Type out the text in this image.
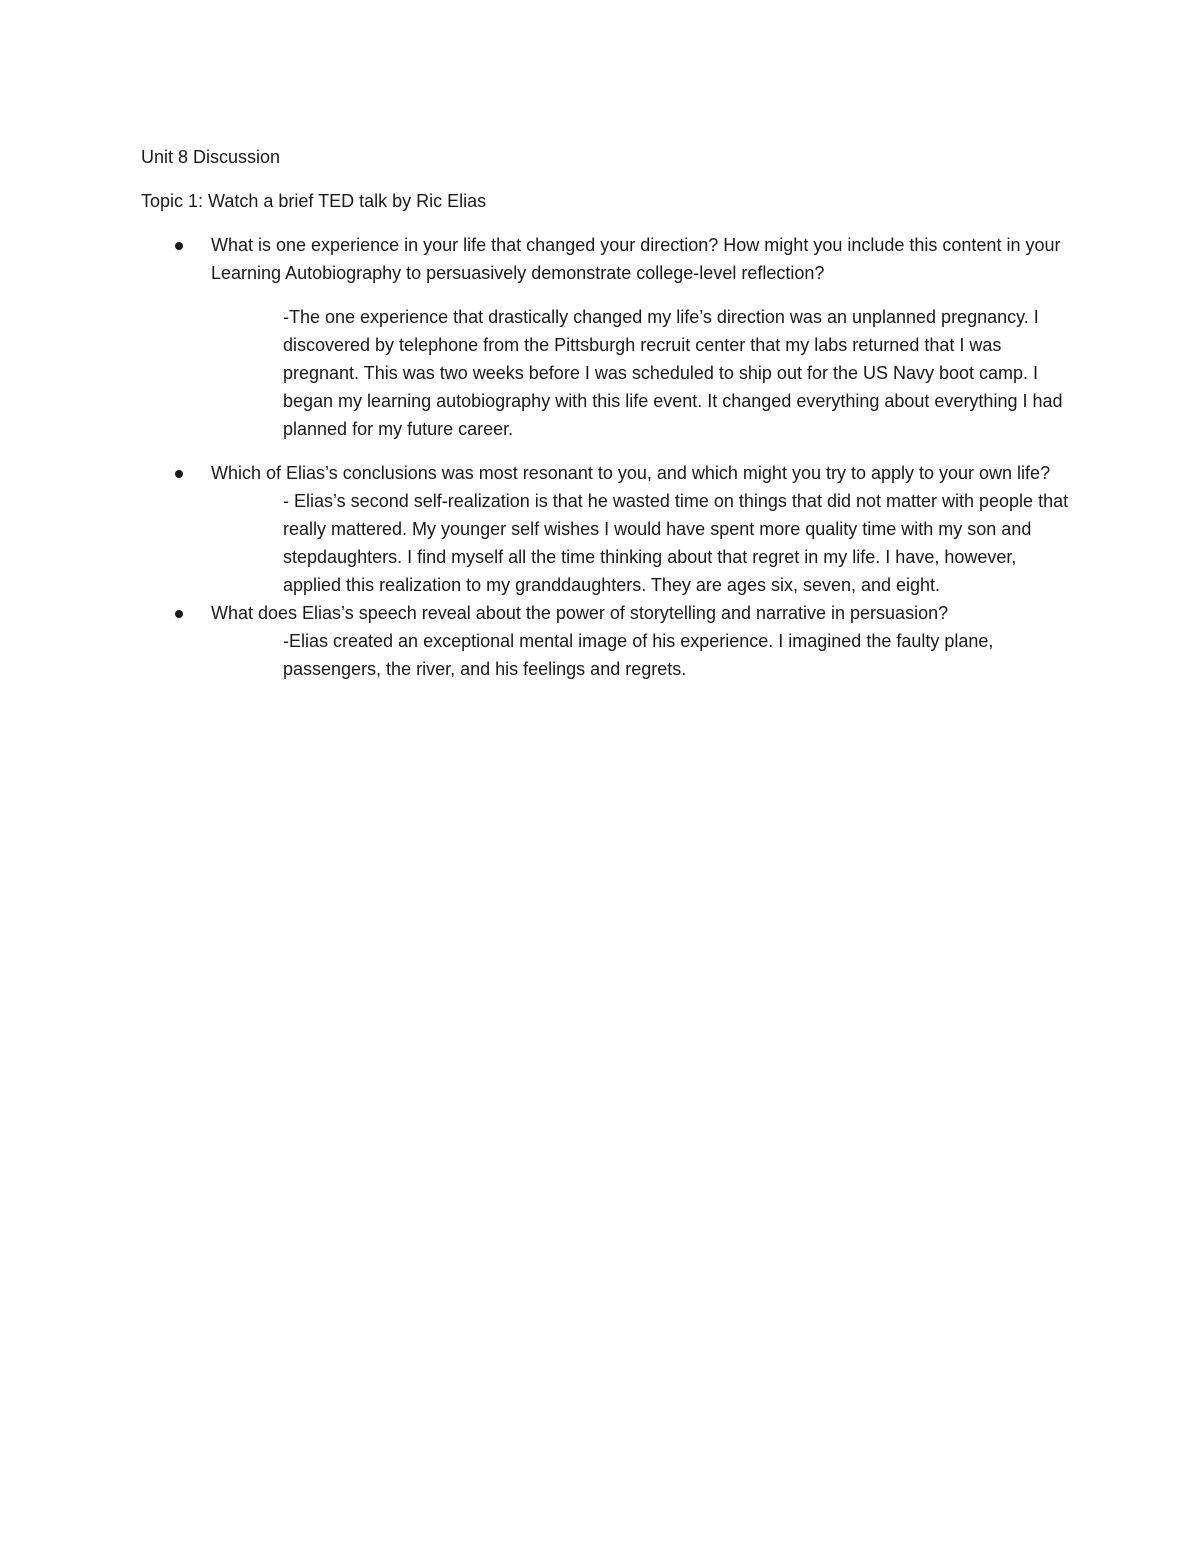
Unit 8 Discussion

Topic 1: Watch a brief TED talk by Ric Elias

What is one experience in your life that changed your direction? How might you include this content in your Learning Autobiography to persuasively demonstrate college-level reflection?

-The one experience that drastically changed my life’s direction was an unplanned pregnancy. I discovered by telephone from the Pittsburgh recruit center that my labs returned that I was pregnant. This was two weeks before I was scheduled to ship out for the US Navy boot camp. I began my learning autobiography with this life event. It changed everything about everything I had planned for my future career.

Which of Elias’s conclusions was most resonant to you, and which might you try to apply to your own life?

- Elias’s second self-realization is that he wasted time on things that did not matter with people that really mattered. My younger self wishes I would have spent more quality time with my son and stepdaughters. I find myself all the time thinking about that regret in my life. I have, however, applied this realization to my granddaughters. They are ages six, seven, and eight.

What does Elias’s speech reveal about the power of storytelling and narrative in persuasion?

-Elias created an exceptional mental image of his experience. I imagined the faulty plane, passengers, the river, and his feelings and regrets.
